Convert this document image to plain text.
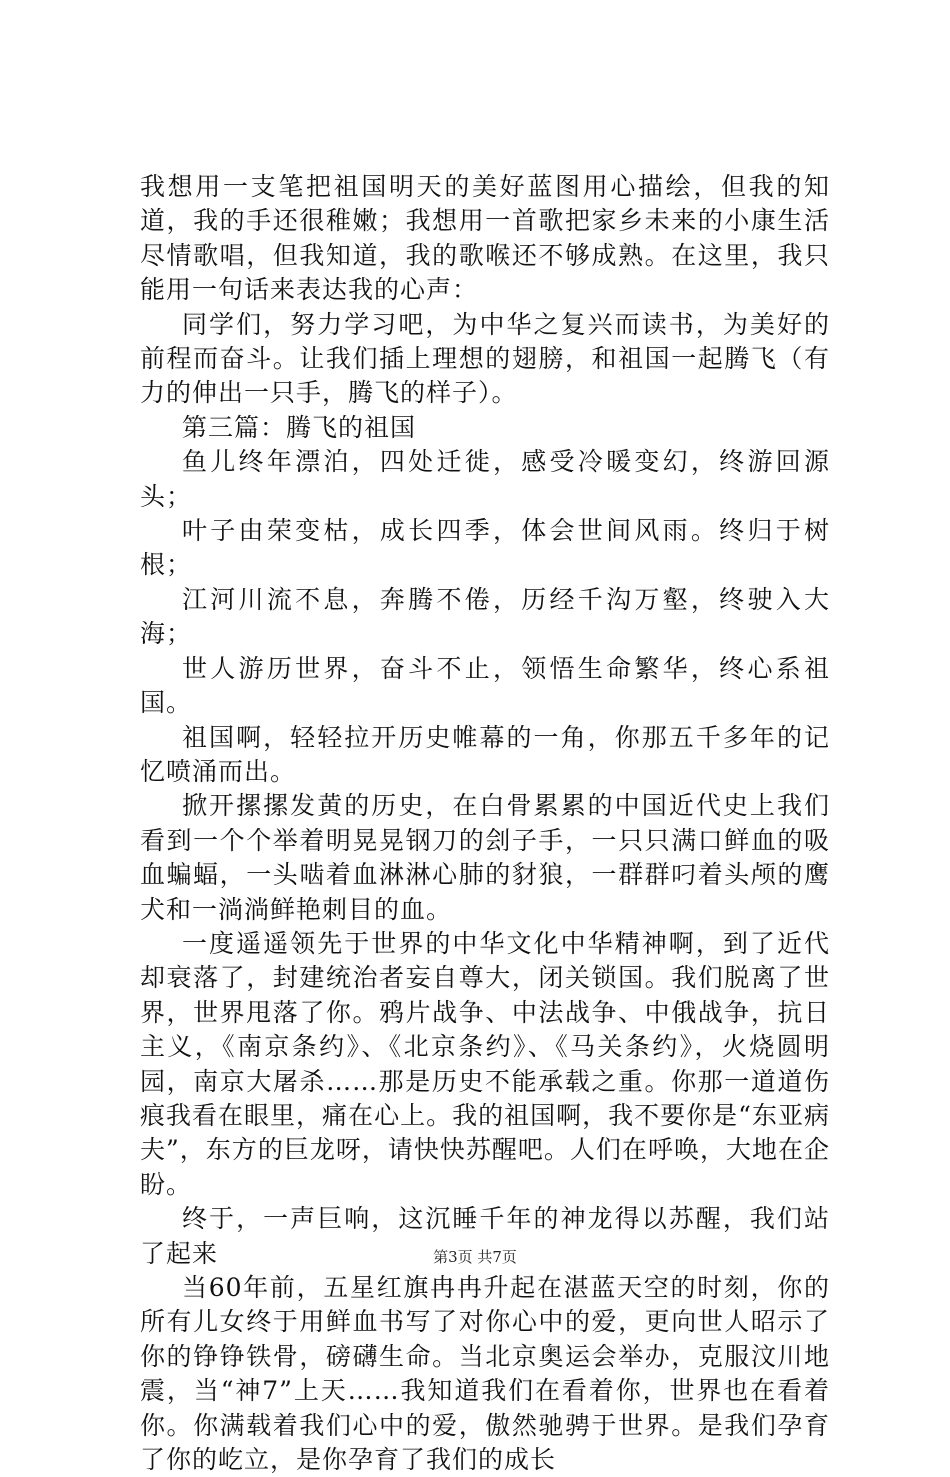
我想用一支笔把祖国明天的美好蓝图用心描绘，但我的知道，我的手还很稚嫩；我想用一首歌把家乡未来的小康生活尽情歌唱，但我知道，我的歌喉还不够成熟。在这里，我只能用一句话来表达我的心声：

同学们，努力学习吧，为中华之复兴而读书，为美好的前程而奋斗。让我们插上理想的翅膀，和祖国一起腾飞（有力的伸出一只手，腾飞的样子）。

第三篇：腾飞的祖国

鱼儿终年漂泊，四处迁徙，感受冷暖变幻，终游回源头；

叶子由荣变枯，成长四季，体会世间风雨。终归于树根；

江河川流不息，奔腾不倦，历经千沟万壑，终驶入大海；

世人游历世界，奋斗不止，领悟生命繁华，终心系祖国。

祖国啊，轻轻拉开历史帷幕的一角，你那五千多年的记忆喷涌而出。

掀开摞摞发黄的历史，在白骨累累的中国近代史上我们看到一个个举着明晃晃钢刀的刽子手，一只只满口鲜血的吸血蝙蝠，一头啮着血淋淋心肺的豺狼，一群群叼着头颅的鹰犬和一淌淌鲜艳刺目的血。

一度遥遥领先于世界的中华文化中华精神啊，到了近代却衰落了，封建统治者妄自尊大，闭关锁国。我们脱离了世界，世界甩落了你。鸦片战争、中法战争、中俄战争，抗日主义，《南京条约》、《北京条约》、《马关条约》，火烧圆明园，南京大屠杀……那是历史不能承载之重。你那一道道伤痕我看在眼里，痛在心上。我的祖国啊，我不要你是“东亚病夫”，东方的巨龙呀，请快快苏醒吧。人们在呼唤，大地在企盼。

终于，一声巨响，这沉睡千年的神龙得以苏醒，我们站了起来

当60年前，五星红旗冉冉升起在湛蓝天空的时刻，你的所有儿女终于用鲜血书写了对你心中的爱，更向世人昭示了你的铮铮铁骨，磅礴生命。当北京奥运会举办，克服汶川地震，当“神7”上天……我知道我们在看着你，世界也在看着你。你满载着我们心中的爱，傲然驰骋于世界。是我们孕育了你的屹立，是你孕育了我们的成长

第3页 共7页
